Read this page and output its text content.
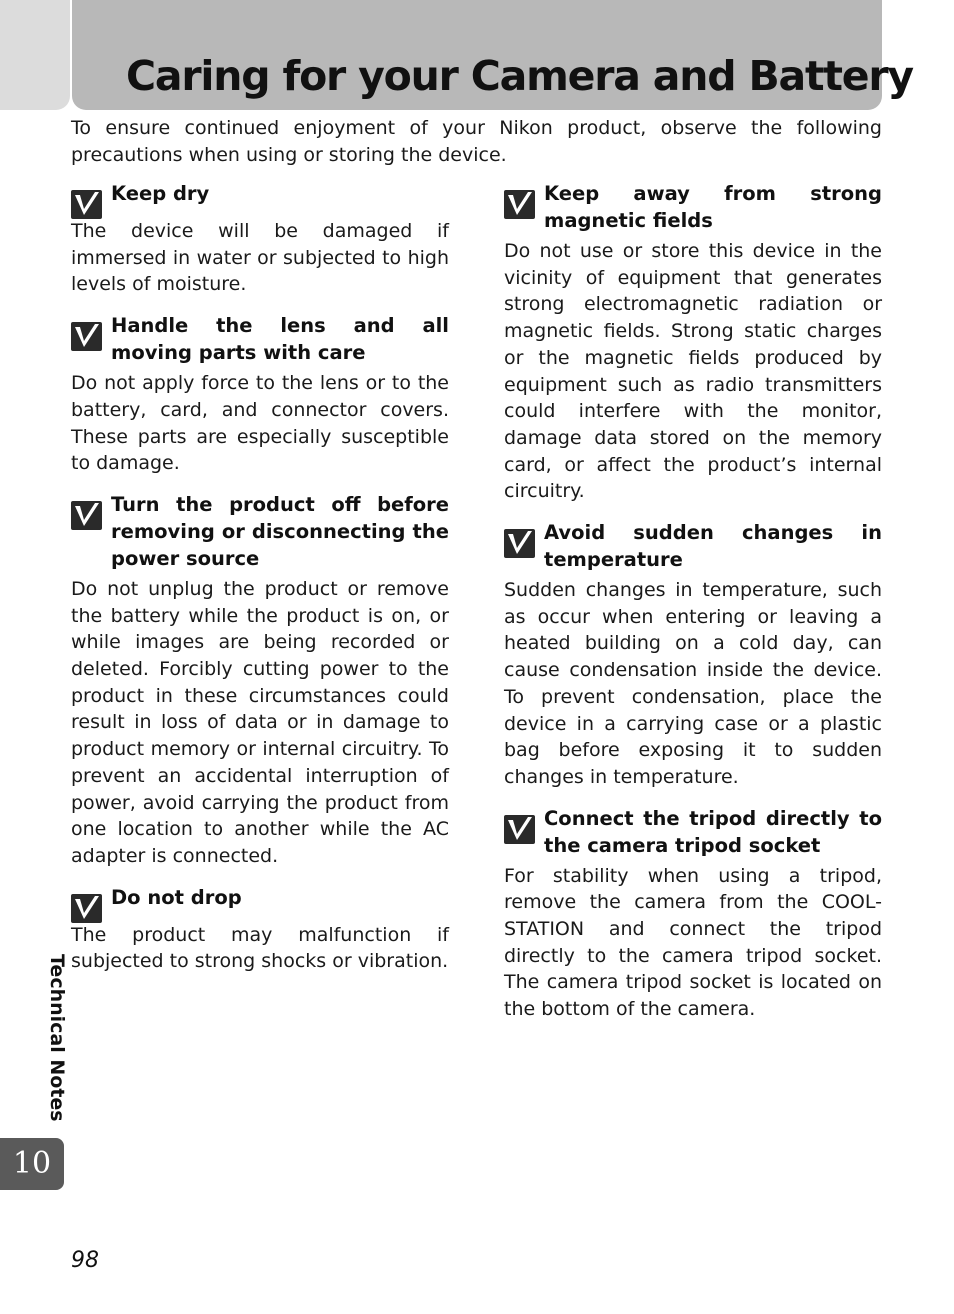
Caring for your Camera and Battery

To ensure continued enjoyment of your Nikon product, observe the following precautions when using or storing the device.

Keep dry

The device will be damaged if immersed in water or subjected to high levels of moisture.

Handle the lens and all moving parts with care

Do not apply force to the lens or to the battery, card, and connector covers. These parts are especially susceptible to damage.

Turn the product off before removing or disconnecting the power source

Do not unplug the product or remove the battery while the product is on, or while images are being recorded or deleted. Forcibly cutting power to the product in these circumstances could result in loss of data or in damage to product memory or internal circuitry. To prevent an accidental interruption of power, avoid carrying the product from one location to another while the AC adapter is connected.

Do not drop

The product may malfunction if subjected to strong shocks or vibration.

Keep away from strong magnetic fields

Do not use or store this device in the vicinity of equipment that generates strong electromagnetic radiation or magnetic fields. Strong static charges or the magnetic fields produced by equipment such as radio transmitters could interfere with the monitor, damage data stored on the memory card, or affect the product’s internal circuitry.

Avoid sudden changes in temperature

Sudden changes in temperature, such as occur when entering or leaving a heated building on a cold day, can cause condensation inside the device. To prevent condensation, place the device in a carrying case or a plastic bag before exposing it to sudden changes in temperature.

Connect the tripod directly to the camera tripod socket

For stability when using a tripod, remove the camera from the COOL-STATION and connect the tripod directly to the camera tripod socket. The camera tripod socket is located on the bottom of the camera.

Technical Notes
10

98
